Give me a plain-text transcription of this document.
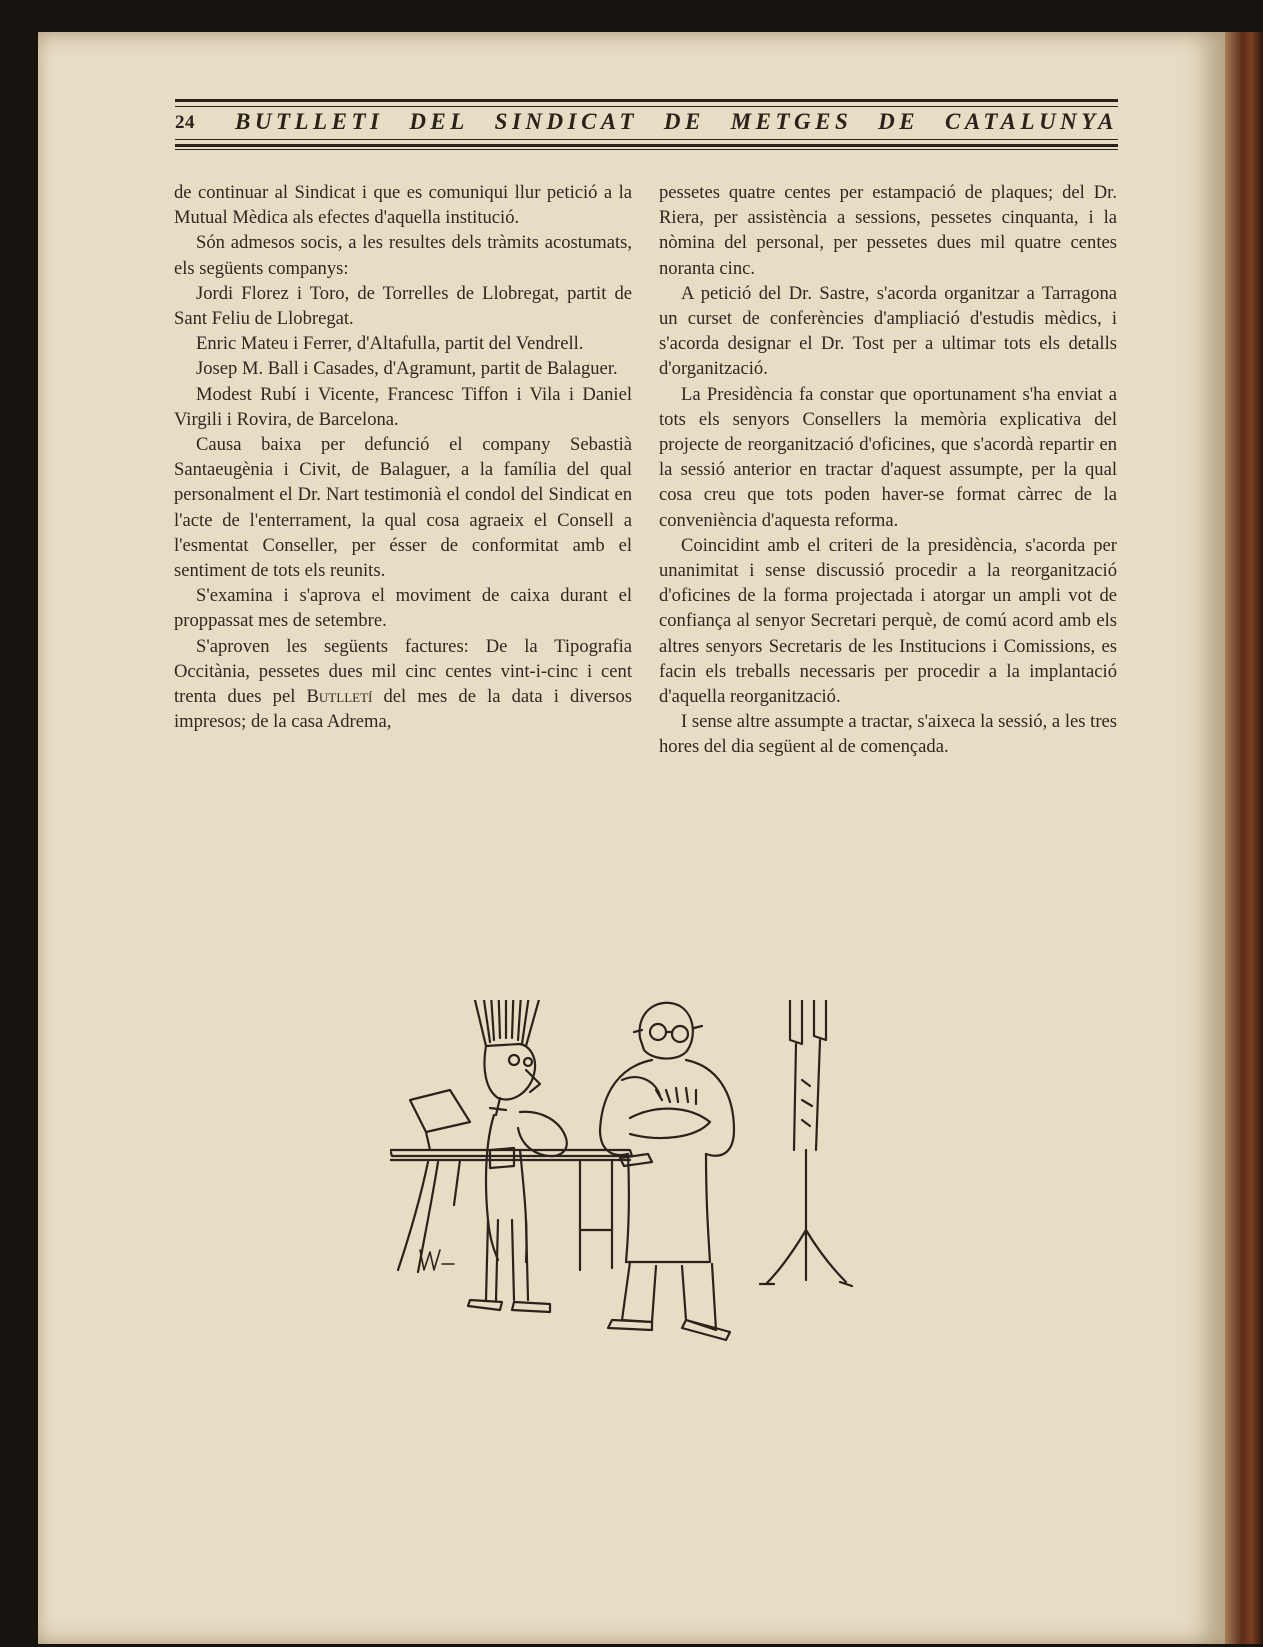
24 BUTLLETI DEL SINDICAT DE METGES DE CATALUNYA

de continuar al Sindicat i que es comuniqui llur petició a la Mutual Mèdica als efectes d'aquella institució.

Són admesos socis, a les resultes dels tràmits acostumats, els següents companys:

Jordi Florez i Toro, de Torrelles de Llobregat, partit de Sant Feliu de Llobregat.

Enric Mateu i Ferrer, d'Altafulla, partit del Vendrell.

Josep M. Ball i Casades, d'Agramunt, partit de Balaguer.

Modest Rubí i Vicente, Francesc Tiffon i Vila i Daniel Virgili i Rovira, de Barcelona.

Causa baixa per defunció el company Sebastià Santaeugènia i Civit, de Balaguer, a la família del qual personalment el Dr. Nart testimonià el condol del Sindicat en l'acte de l'enterrament, la qual cosa agraeix el Consell a l'esmentat Conseller, per ésser de conformitat amb el sentiment de tots els reunits.

S'examina i s'aprova el moviment de caixa durant el proppassat mes de setembre.

S'aproven les següents factures: De la Tipografia Occitània, pessetes dues mil cinc centes vint-i-cinc i cent trenta dues pel Butlletí del mes de la data i diversos impresos; de la casa Adrema,

pessetes quatre centes per estampació de plaques; del Dr. Riera, per assistència a sessions, pessetes cinquanta, i la nòmina del personal, per pessetes dues mil quatre centes noranta cinc.

A petició del Dr. Sastre, s'acorda organitzar a Tarragona un curset de conferències d'ampliació d'estudis mèdics, i s'acorda designar el Dr. Tost per a ultimar tots els detalls d'organització.

La Presidència fa constar que oportunament s'ha enviat a tots els senyors Consellers la memòria explicativa del projecte de reorganització d'oficines, que s'acordà repartir en la sessió anterior en tractar d'aquest assumpte, per la qual cosa creu que tots poden haver-se format càrrec de la conveniència d'aquesta reforma.

Coincidint amb el criteri de la presidència, s'acorda per unanimitat i sense discussió procedir a la reorganització d'oficines de la forma projectada i atorgar un ampli vot de confiança al senyor Secretari perquè, de comú acord amb els altres senyors Secretaris de les Institucions i Comissions, es facin els treballs necessaris per procedir a la implantació d'aquella reorganització.

I sense altre assumpte a tractar, s'aixeca la sessió, a les tres hores del dia següent al de començada.
